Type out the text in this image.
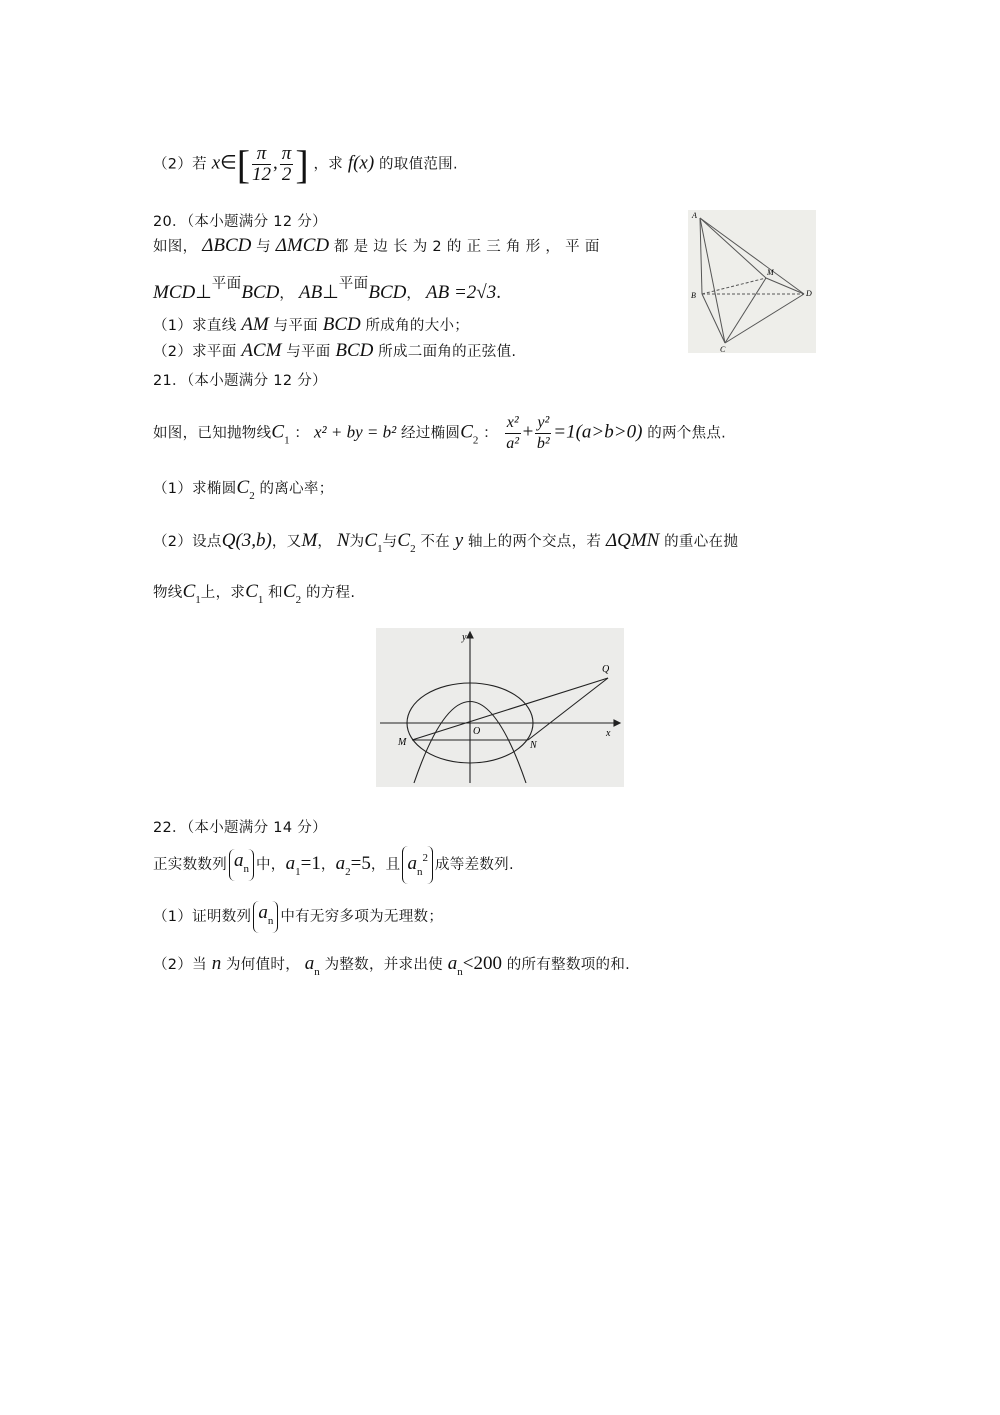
（2）若 x∈[ $\frac{\pi}{12}$ , $\frac{\pi}{2}$ ] ，求 f(x) 的取值范围.
20．（本小题满分 12 分）
如图， ΔBCD 与 ΔMCD 都 是 边 长 为 2 的 正 三 角 形 ， 平 面
MCD⊥平面BCD， AB⊥平面BCD， AB =2√3.
（1）求直线 AM 与平面 BCD 所成角的大小；
（2）求平面 ACM 与平面 BCD 所成二面角的正弦值.
A
B
C
D
M
21．（本小题满分 12 分）
如图，已知抛物线$C_1$ ： x² + by = b² 经过椭圆$C_2$ ： $\frac{\text{x²}}{\text{a²}} + \frac{\text{y²}}{\text{b²}} =1(a>b>0)$ 的两个焦点.
（1）求椭圆$C_2$ 的离心率；
（2）设点Q(3,b)，又M， N为$C_1$与$C_2$ 不在 y 轴上的两个交点，若 ΔQMN 的重心在抛
物线$C_1$上，求$C_1$ 和$C_2$ 的方程.
y
x
O
M	N
Q
22．（本小题满分 14 分）
正实数数列 $a_n$ 中，$a_1=1$，$a_2=5$，且 $a_n^2$ 成等差数列.
（1）证明数列 $a_n$ 中有无穷多项为无理数；
（2）当 n 为何值时， $a_n$ 为整数，并求出使 $a_n<200$ 的所有整数项的和.
